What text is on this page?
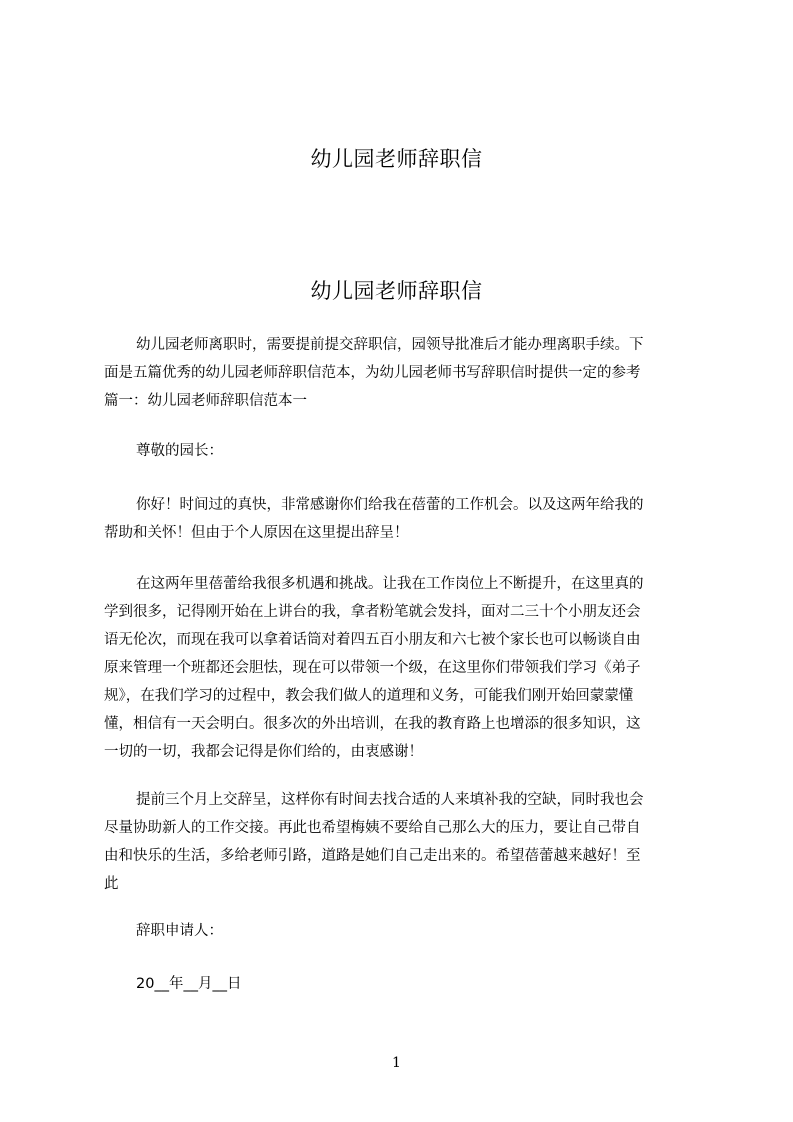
幼儿园老师辞职信
幼儿园老师辞职信
幼儿园老师离职时，需要提前提交辞职信，园领导批准后才能办理离职手续。下
面是五篇优秀的幼儿园老师辞职信范本，为幼儿园老师书写辞职信时提供一定的参考
篇一：幼儿园老师辞职信范本一
尊敬的园长：
你好！时间过的真快，非常感谢你们给我在蓓蕾的工作机会。以及这两年给我的
帮助和关怀！但由于个人原因在这里提出辞呈！
在这两年里蓓蕾给我很多机遇和挑战。让我在工作岗位上不断提升，在这里真的
学到很多，记得刚开始在上讲台的我，拿者粉笔就会发抖，面对二三十个小朋友还会
语无伦次，而现在我可以拿着话筒对着四五百小朋友和六七被个家长也可以畅谈自由
原来管理一个班都还会胆怯，现在可以带领一个级，在这里你们带领我们学习《弟子
规》，在我们学习的过程中，教会我们做人的道理和义务，可能我们刚开始回蒙蒙懂
懂，相信有一天会明白。很多次的外出培训，在我的教育路上也增添的很多知识，这
一切的一切，我都会记得是你们给的，由衷感谢！
提前三个月上交辞呈，这样你有时间去找合适的人来填补我的空缺，同时我也会
尽量协助新人的工作交接。再此也希望梅姨不要给自己那么大的压力，要让自己带自
由和快乐的生活，多给老师引路，道路是她们自己走出来的。希望蓓蕾越来越好！至
此
辞职申请人：
20__年__月__日
1
